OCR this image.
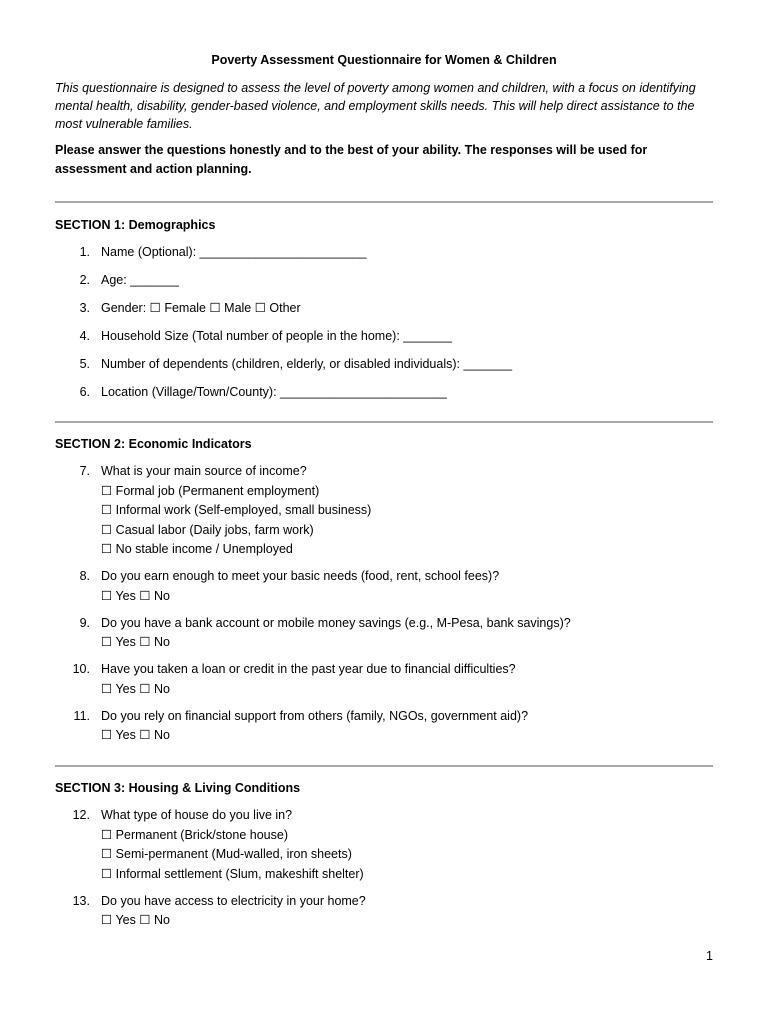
Poverty Assessment Questionnaire for Women & Children

This questionnaire is designed to assess the level of poverty among women and children, with a focus on identifying mental health, disability, gender-based violence, and employment skills needs. This will help direct assistance to the most vulnerable families.

Please answer the questions honestly and to the best of your ability. The responses will be used for assessment and action planning.

SECTION 1: Demographics
1. Name (Optional): ________________________
2. Age: _______
3. Gender: ☐ Female ☐ Male ☐ Other
4. Household Size (Total number of people in the home): _______
5. Number of dependents (children, elderly, or disabled individuals): _______
6. Location (Village/Town/County): ________________________
SECTION 2: Economic Indicators
7. What is your main source of income?
☐ Formal job (Permanent employment)
☐ Informal work (Self-employed, small business)
☐ Casual labor (Daily jobs, farm work)
☐ No stable income / Unemployed
8. Do you earn enough to meet your basic needs (food, rent, school fees)?
☐ Yes ☐ No
9. Do you have a bank account or mobile money savings (e.g., M-Pesa, bank savings)?
☐ Yes ☐ No
10. Have you taken a loan or credit in the past year due to financial difficulties?
☐ Yes ☐ No
11. Do you rely on financial support from others (family, NGOs, government aid)?
☐ Yes ☐ No
SECTION 3: Housing & Living Conditions
12. What type of house do you live in?
☐ Permanent (Brick/stone house)
☐ Semi-permanent (Mud-walled, iron sheets)
☐ Informal settlement (Slum, makeshift shelter)
13. Do you have access to electricity in your home?
☐ Yes ☐ No
1
